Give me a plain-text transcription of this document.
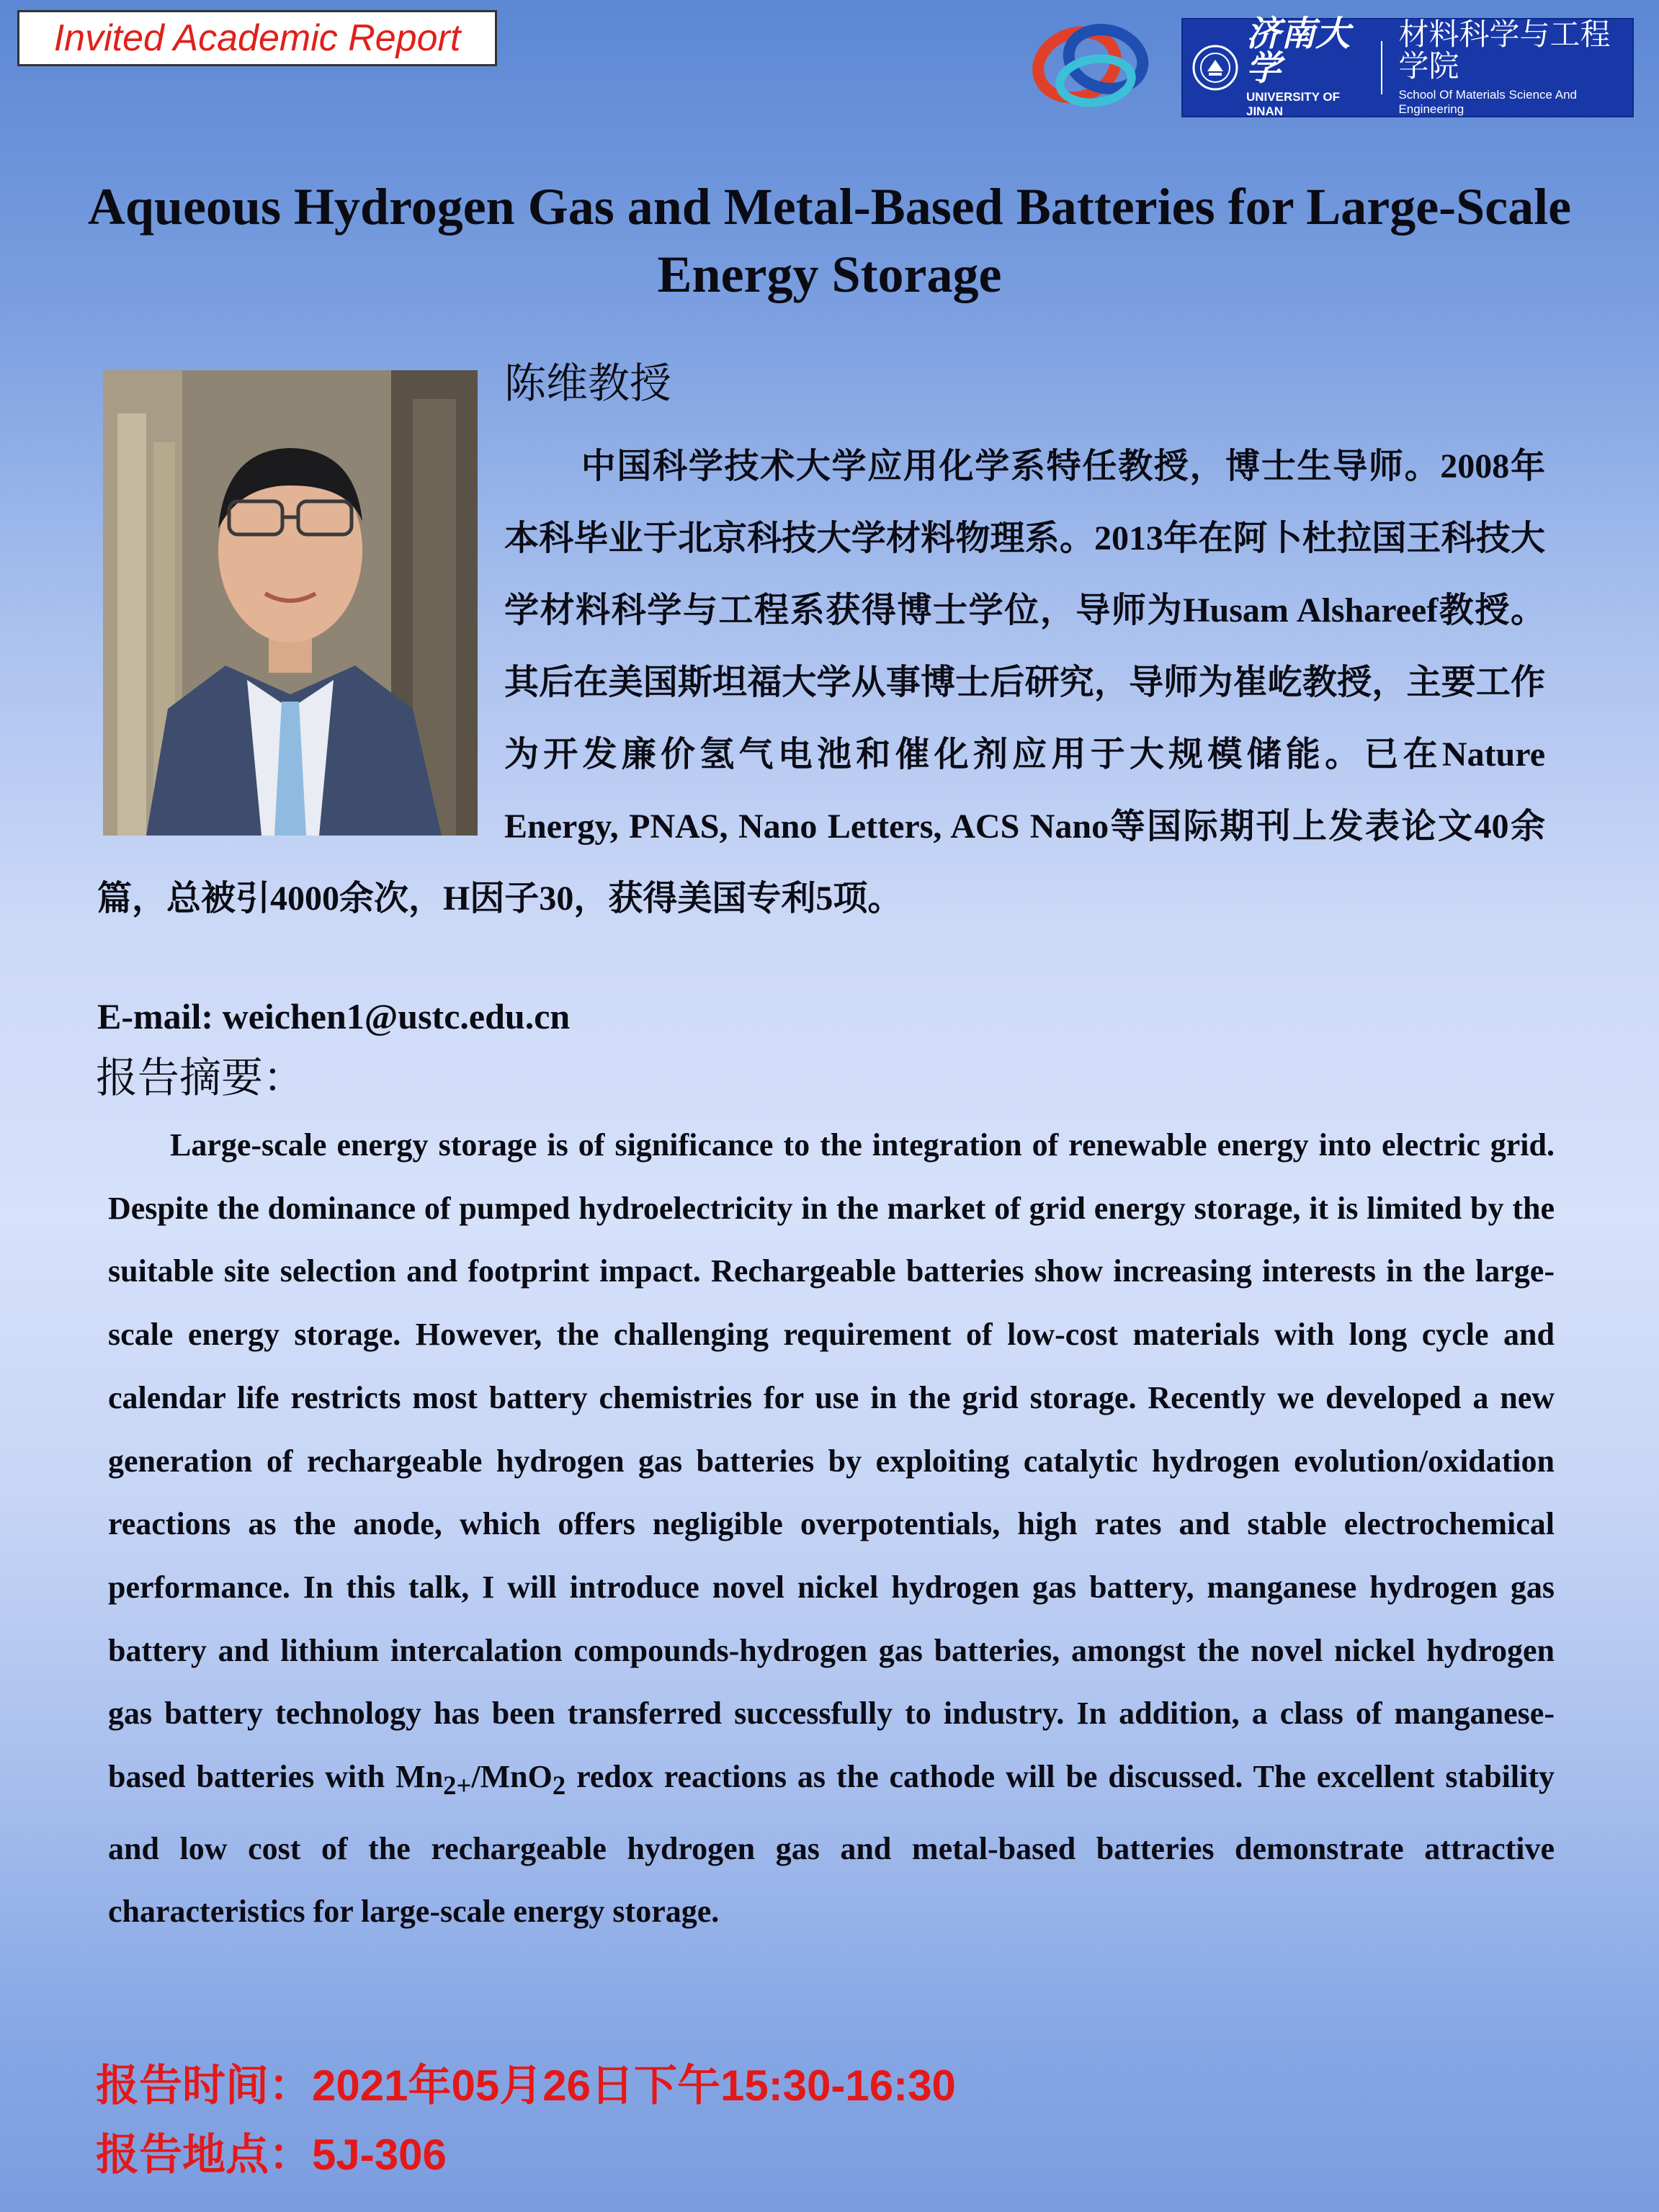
Invited Academic Report	济南大学
UNIVERSITY OF JINAN
材料科学与工程学院
School Of Materials Science And Engineering
Aqueous Hydrogen Gas and Metal-Based Batteries for Large-Scale Energy Storage
陈维教授
中国科学技术大学应用化学系特任教授，博士生导师。2008年本科毕业于北京科技大学材料物理系。2013年在阿卜杜拉国王科技大学材料科学与工程系获得博士学位，导师为Husam Alshareef教授。其后在美国斯坦福大学从事博士后研究，导师为崔屹教授，主要工作为开发廉价氢气电池和催化剂应用于大规模储能。已在Nature Energy, PNAS, Nano Letters, ACS Nano等国际期刊上发表论文40余篇，总被引4000余次，H因子30，获得美国专利5项。
E-mail: weichen1@ustc.edu.cn
报告摘要：

Large-scale energy storage is of significance to the integration of renewable energy into electric grid. Despite the dominance of pumped hydroelectricity in the market of grid energy storage, it is limited by the suitable site selection and footprint impact. Rechargeable batteries show increasing interests in the large-scale energy storage. However, the challenging requirement of low-cost materials with long cycle and calendar life restricts most battery chemistries for use in the grid storage. Recently we developed a new generation of rechargeable hydrogen gas batteries by exploiting catalytic hydrogen evolution/oxidation reactions as the anode, which offers negligible overpotentials, high rates and stable electrochemical performance. In this talk, I will introduce novel nickel hydrogen gas battery, manganese hydrogen gas battery and lithium intercalation compounds-hydrogen gas batteries, amongst the novel nickel hydrogen gas battery technology has been transferred successfully to industry. In addition, a class of manganese-based batteries with $Mn_{2+}/MnO_2$ redox reactions as the cathode will be discussed. The excellent stability and low cost of the rechargeable hydrogen gas and metal-based batteries demonstrate attractive characteristics for large-scale energy storage.

报告时间：2021年05月26日下午15:30-16:30
报告地点：5J-306
